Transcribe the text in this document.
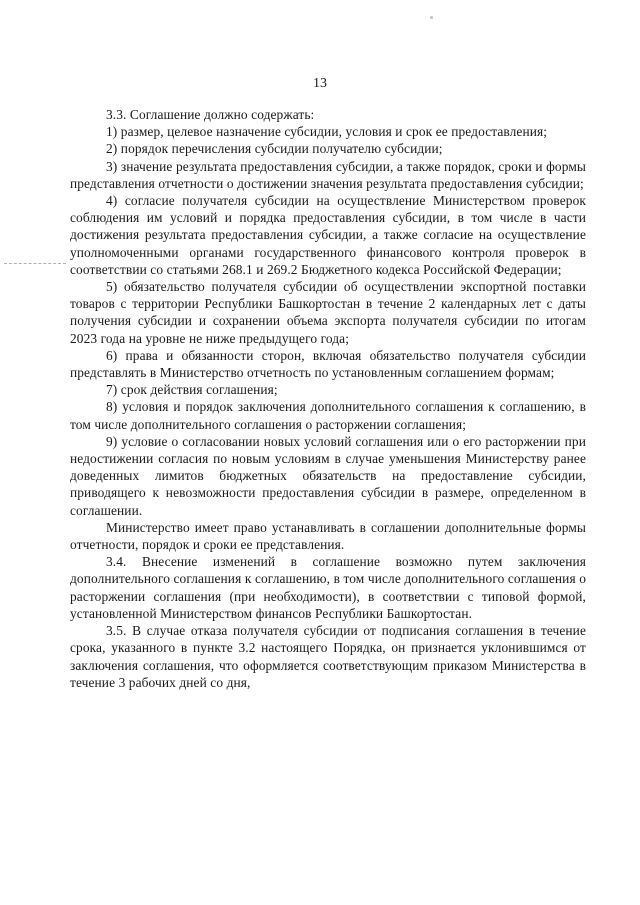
13

3.3. Соглашение должно содержать:

1) размер, целевое назначение субсидии, условия и срок ее предоставления;

2) порядок перечисления субсидии получателю субсидии;

3) значение результата предоставления субсидии, а также порядок, сроки и формы представления отчетности о достижении значения результата предоставления субсидии;

4) согласие получателя субсидии на осуществление Министерством проверок соблюдения им условий и порядка предоставления субсидии, в том числе в части достижения результата предоставления субсидии, а также согласие на осуществление уполномоченными органами государственного финансового контроля проверок в соответствии со статьями 268.1 и 269.2 Бюджетного кодекса Российской Федерации;

5) обязательство получателя субсидии об осуществлении экспортной поставки товаров с территории Республики Башкортостан в течение 2 календарных лет с даты получения субсидии и сохранении объема экспорта получателя субсидии по итогам 2023 года на уровне не ниже предыдущего года;

6) права и обязанности сторон, включая обязательство получателя субсидии представлять в Министерство отчетность по установленным соглашением формам;

7) срок действия соглашения;

8) условия и порядок заключения дополнительного соглашения к соглашению, в том числе дополнительного соглашения о расторжении соглашения;

9) условие о согласовании новых условий соглашения или о его расторжении при недостижении согласия по новым условиям в случае уменьшения Министерству ранее доведенных лимитов бюджетных обязательств на предоставление субсидии, приводящего к невозможности предоставления субсидии в размере, определенном в соглашении.

Министерство имеет право устанавливать в соглашении дополнительные формы отчетности, порядок и сроки ее представления.

3.4. Внесение изменений в соглашение возможно путем заключения дополнительного соглашения к соглашению, в том числе дополнительного соглашения о расторжении соглашения (при необходимости), в соответствии с типовой формой, установленной Министерством финансов Республики Башкортостан.

3.5. В случае отказа получателя субсидии от подписания соглашения в течение срока, указанного в пункте 3.2 настоящего Порядка, он признается уклонившимся от заключения соглашения, что оформляется соответствующим приказом Министерства в течение 3 рабочих дней со дня,
